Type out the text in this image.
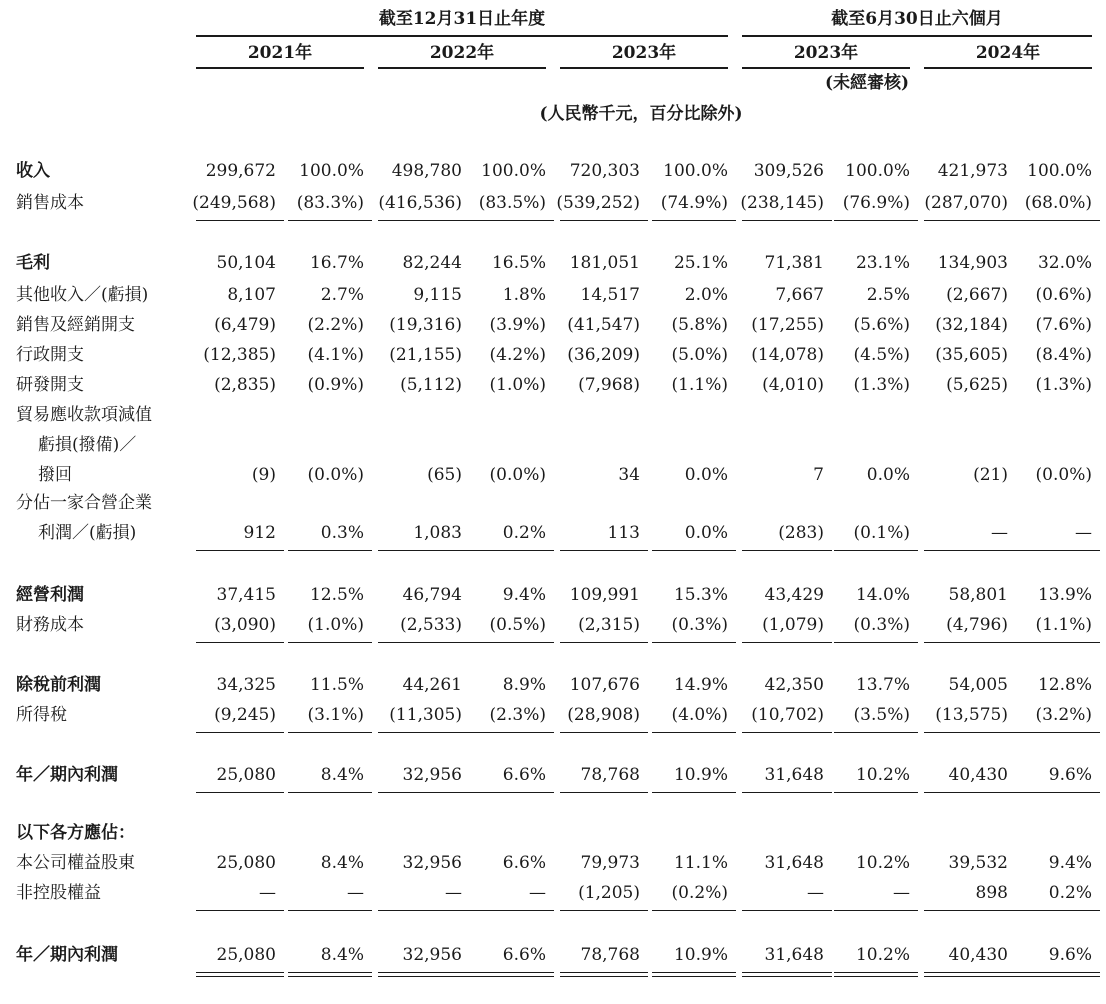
截至12月31日止年度	截至6月30日止六個月
2021年	2022年	2023年	2023年	2024年
(未經審核)
(人民幣千元，百分比除外)
收入	299,672	100.0%	498,780	100.0%	720,303	100.0%	309,526	100.0%	421,973	100.0%
銷售成本	(249,568)	(83.3%) (416,536) (83.5%) (539,252)	(74.9%) (238,145)	(76.9%) (287,070) (68.0%)
毛利	50,104	16.7%	82,244	16.5%	181,051	25.1%	71,381	23.1%	134,903	32.0%
其他收入／(虧損)	8,107	2.7%	9,115	1.8%	14,517	2.0%	7,667	2.5%	(2,667)	(0.6%)
銷售及經銷開支	(6,479)	(2.2%)	(19,316)	(3.9%)	(41,547)	(5.8%)	(17,255)	(5.6%)	(32,184)	(7.6%)
行政開支	(12,385)	(4.1%)	(21,155)	(4.2%)	(36,209)	(5.0%)	(14,078)	(4.5%)	(35,605)	(8.4%)
研發開支	(2,835)	(0.9%)	(5,112)	(1.0%)	(7,968)	(1.1%)	(4,010)	(1.3%)	(5,625)	(1.3%)
貿易應收款項減值
虧損(撥備)／
撥回	(9)	(0.0%)	(65)	(0.0%)	34	0.0%	7	0.0%	(21)	(0.0%)
分佔一家合營企業
利潤／(虧損)	912	0.3%	1,083	0.2%	113	0.0%	(283)	(0.1%)	—	—
經營利潤	37,415	12.5%	46,794	9.4%	109,991	15.3%	43,429	14.0%	58,801	13.9%
財務成本	(3,090)	(1.0%)	(2,533)	(0.5%)	(2,315)	(0.3%)	(1,079)	(0.3%)	(4,796)	(1.1%)
除稅前利潤	34,325	11.5%	44,261	8.9%	107,676	14.9%	42,350	13.7%	54,005	12.8%
所得稅	(9,245)	(3.1%)	(11,305)	(2.3%)	(28,908)	(4.0%)	(10,702)	(3.5%)	(13,575)	(3.2%)
年／期內利潤	25,080	8.4%	32,956	6.6%	78,768	10.9%	31,648	10.2%	40,430	9.6%
以下各方應佔：
本公司權益股東	25,080	8.4%	32,956	6.6%	79,973	11.1%	31,648	10.2%	39,532	9.4%
非控股權益	—	—	—	—	(1,205)	(0.2%)	—	—	898	0.2%
年／期內利潤	25,080	8.4%	32,956	6.6%	78,768	10.9%	31,648	10.2%	40,430	9.6%
